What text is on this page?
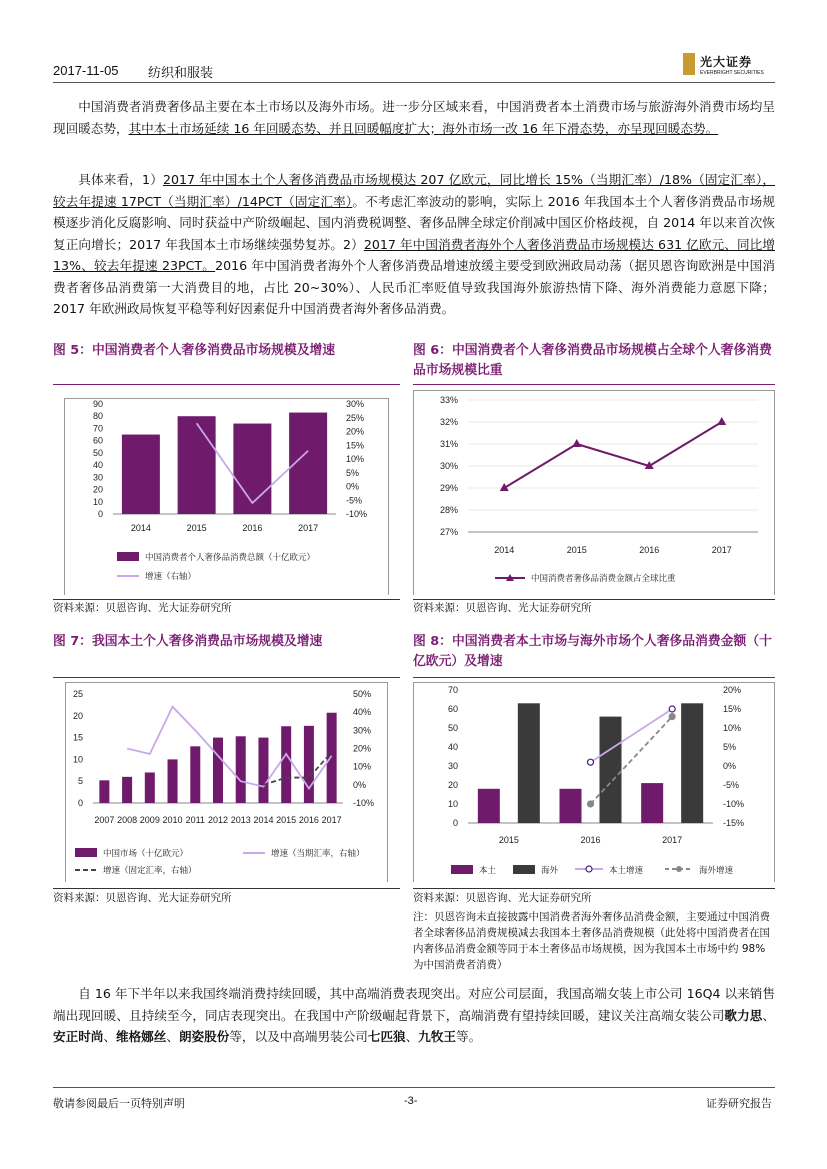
2017-11-05 纺织和服装
光大证券
EVERBRIGHT SECURITIES

中国消费者消费奢侈品主要在本土市场以及海外市场。进一步分区域来看，中国消费者本土消费市场与旅游海外消费市场均呈现回暖态势，其中本土市场延续 16 年回暖态势、并且回暖幅度扩大；海外市场一改 16 年下滑态势，亦呈现回暖态势。

具体来看，1）2017 年中国本土个人奢侈消费品市场规模达 207 亿欧元，同比增长 15%（当期汇率）/18%（固定汇率），较去年提速 17PCT（当期汇率）/14PCT（固定汇率）。不考虑汇率波动的影响，实际上 2016 年我国本土个人奢侈消费品市场规模逐步消化反腐影响、同时获益中产阶级崛起、国内消费税调整、奢侈品牌全球定价削减中国区价格歧视，自 2014 年以来首次恢复正向增长；2017 年我国本土市场继续强势复苏。2）2017 年中国消费者海外个人奢侈消费品市场规模达 631 亿欧元、同比增 13%、较去年提速 23PCT。2016 年中国消费者海外个人奢侈消费品增速放缓主要受到欧洲政局动荡（据贝恩咨询欧洲是中国消费者奢侈品消费第一大消费目的地，占比 20~30%）、人民币汇率贬值导致我国海外旅游热情下降、海外消费能力意愿下降；2017 年欧洲政局恢复平稳等利好因素促升中国消费者海外奢侈品消费。

图 5：中国消费者个人奢侈消费品市场规模及增速

90
80
70
60
50
40
30
20
10
0
30%
25%
20%
15%
10%
5%
0%
-5%
-10%
2014	2015	2016	2017
中国消费者个人奢侈品消费总额（十亿欧元）
增速（右轴）
资料来源：贝恩咨询、光大证券研究所

图 6：中国消费者个人奢侈消费品市场规模占全球个人奢侈消费品市场规模比重

33%
32%
31%
30%
29%
28%
27%
2014	2015	2016	2017
中国消费者奢侈品消费金额占全球比重
资料来源：贝恩咨询、光大证券研究所

图 7：我国本土个人奢侈消费品市场规模及增速

25
20
15
10
5
0
50%
40%
30%
20%
10%
0%
-10%
2007 2008 2009 2010 2011 2012 2013 2014 2015 2016 2017
中国市场（十亿欧元）	增速（当期汇率，右轴）
增速（固定汇率，右轴）
资料来源：贝恩咨询、光大证券研究所

图 8：中国消费者本土市场与海外市场个人奢侈品消费金额（十亿欧元）及增速

70
60
50
40
30
20
10
0
20%
15%
10%
5%
0%
-5%
-10%
-15%
2015	2016	2017
本土	海外	本土增速	海外增速
资料来源：贝恩咨询、光大证券研究所

注：贝恩咨询未直接披露中国消费者海外奢侈品消费金额，主要通过中国消费者全球奢侈品消费规模减去我国本土奢侈品消费规模（此处将中国消费者在国内奢侈品消费金额等同于本土奢侈品市场规模，因为我国本土市场中约 98%为中国消费者消费）

自 16 年下半年以来我国终端消费持续回暖，其中高端消费表现突出。对应公司层面，我国高端女装上市公司 16Q4 以来销售端出现回暖、且持续至今，同店表现突出。在我国中产阶级崛起背景下，高端消费有望持续回暖，建议关注高端女装公司歌力思、安正时尚、维格娜丝、朗姿股份等，以及中高端男装公司七匹狼、九牧王等。

敬请参阅最后一页特别声明	-3-	证券研究报告
